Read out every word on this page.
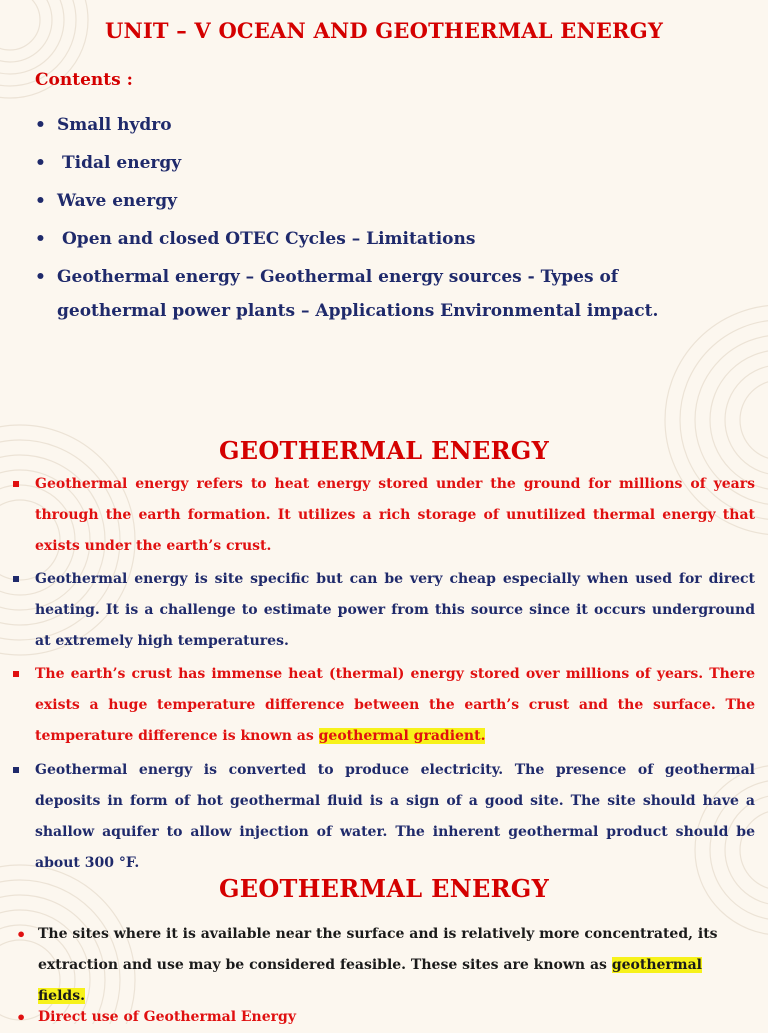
UNIT – V OCEAN AND GEOTHERMAL ENERGY
Contents :
• Small hydro
• Tidal energy
• Wave energy
• Open and closed OTEC Cycles – Limitations
• Geothermal energy – Geothermal energy sources - Types of geothermal power plants – Applications Environmental impact.
GEOTHERMAL ENERGY
Geothermal energy refers to heat energy stored under the ground for millions of years through the earth formation. It utilizes a rich storage of unutilized thermal energy that exists under the earth’s crust.
Geothermal energy is site specific but can be very cheap especially when used for direct heating. It is a challenge to estimate power from this source since it occurs underground at extremely high temperatures.
The earth’s crust has immense heat (thermal) energy stored over millions of years. There exists a huge temperature difference between the earth’s crust and the surface. The temperature difference is known as geothermal gradient.
Geothermal energy is converted to produce electricity. The presence of geothermal deposits in form of hot geothermal fluid is a sign of a good site. The site should have a shallow aquifer to allow injection of water. The inherent geothermal product should be about 300 °F.
GEOTHERMAL ENERGY
• The sites where it is available near the surface and is relatively more concentrated, its extraction and use may be considered feasible. These sites are known as geothermal fields.
• Direct use of Geothermal Energy
